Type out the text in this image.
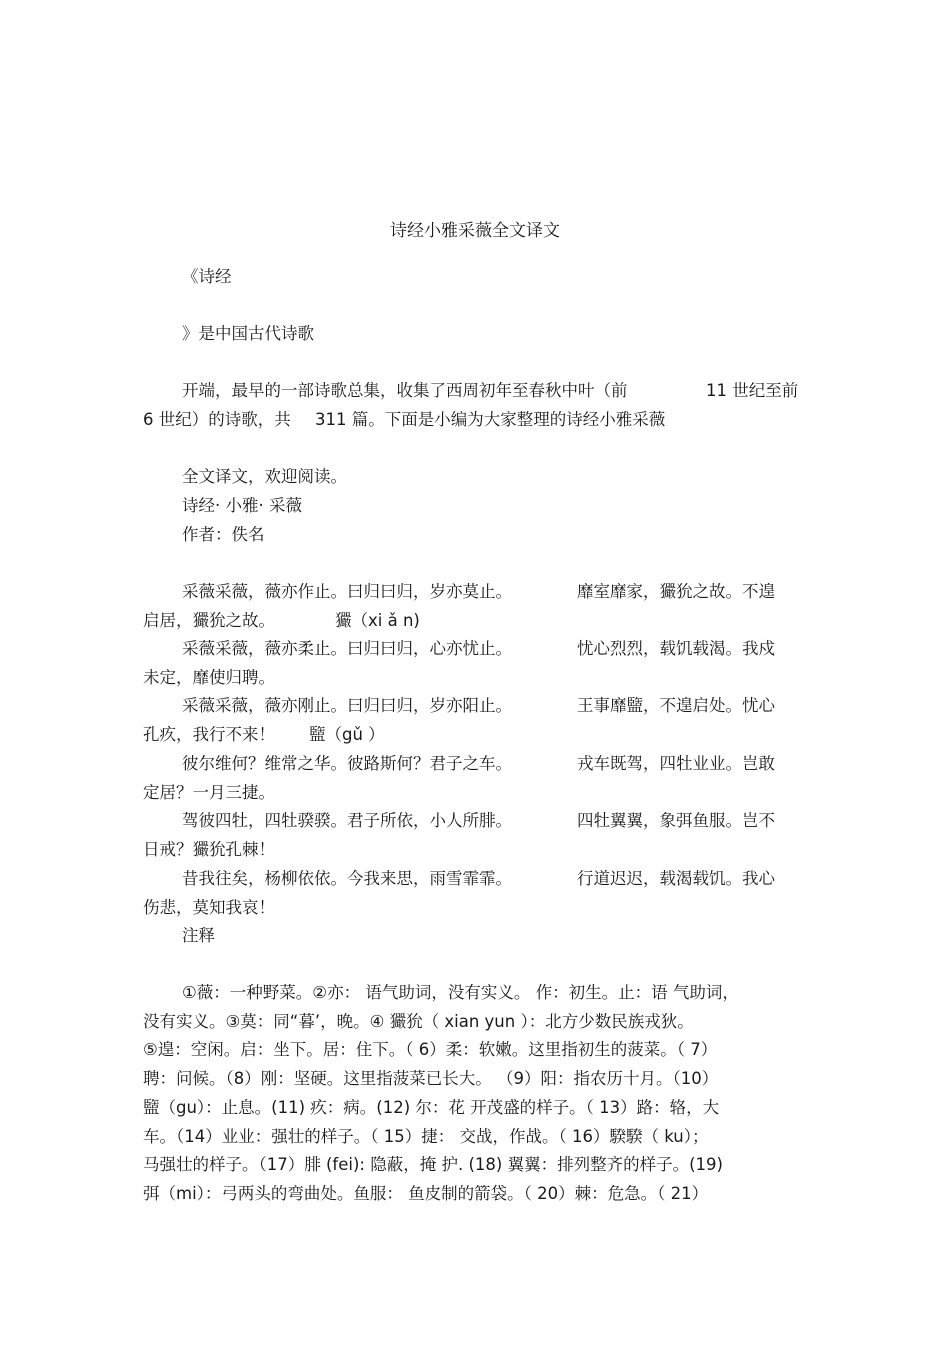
诗经小雅采薇全文译文
《诗经
》是中国古代诗歌
开端，最早的一部诗歌总集，收集了西周初年至春秋中叶（前	11 世纪至前
6 世纪）的诗歌，共 311 篇。下面是小编为大家整理的诗经小雅采薇
全文译文，欢迎阅读。
诗经· 小雅· 采薇
作者：佚名
采薇采薇，薇亦作止。曰归曰归，岁亦莫止。	靡室靡家，玁狁之故。不遑
启居，玁狁之故。	玁（xi ǎ n)
采薇采薇，薇亦柔止。曰归曰归，心亦忧止。	忧心烈烈，载饥载渴。我戍
未定，靡使归聘。
采薇采薇，薇亦刚止。曰归曰归，岁亦阳止。	王事靡盬，不遑启处。忧心
孔疚，我行不来！ 盬（gǔ ）
彼尔维何？维常之华。彼路斯何？君子之车。	戎车既驾，四牡业业。岂敢
定居？一月三捷。
驾彼四牡，四牡骙骙。君子所依，小人所腓。	四牡翼翼，象弭鱼服。岂不
日戒？玁狁孔棘！
昔我往矣，杨柳依依。今我来思，雨雪霏霏。	行道迟迟，载渴载饥。我心
伤悲，莫知我哀！
注释
①薇：一种野菜。②亦： 语气助词，没有实义。 作：初生。止：语 气助词，
没有实义。③莫：同“暮’，晚。④ 玁狁（ xian yun ）：北方少数民族戎狄。
⑤遑：空闲。启：坐下。居：住下。（ 6）柔：软嫩。这里指初生的菠菜。（ 7）
聘：问候。（8）刚：坚硬。这里指菠菜已长大。 （9）阳：指农历十月。（10）
盬（gu）：止息。(11) 疚：病。(12) 尔：花 开茂盛的样子。（ 13）路：辂，大
车。（14）业业：强壮的样子。（ 15）捷： 交战，作战。（ 16）騤騤（ ku）；
马强壮的样子。（17）腓 (fei): 隐蔽，掩 护. (18) 翼翼：排列整齐的样子。(19)
弭（mi）：弓两头的弯曲处。鱼服： 鱼皮制的箭袋。（ 20）棘：危急。（ 21）
